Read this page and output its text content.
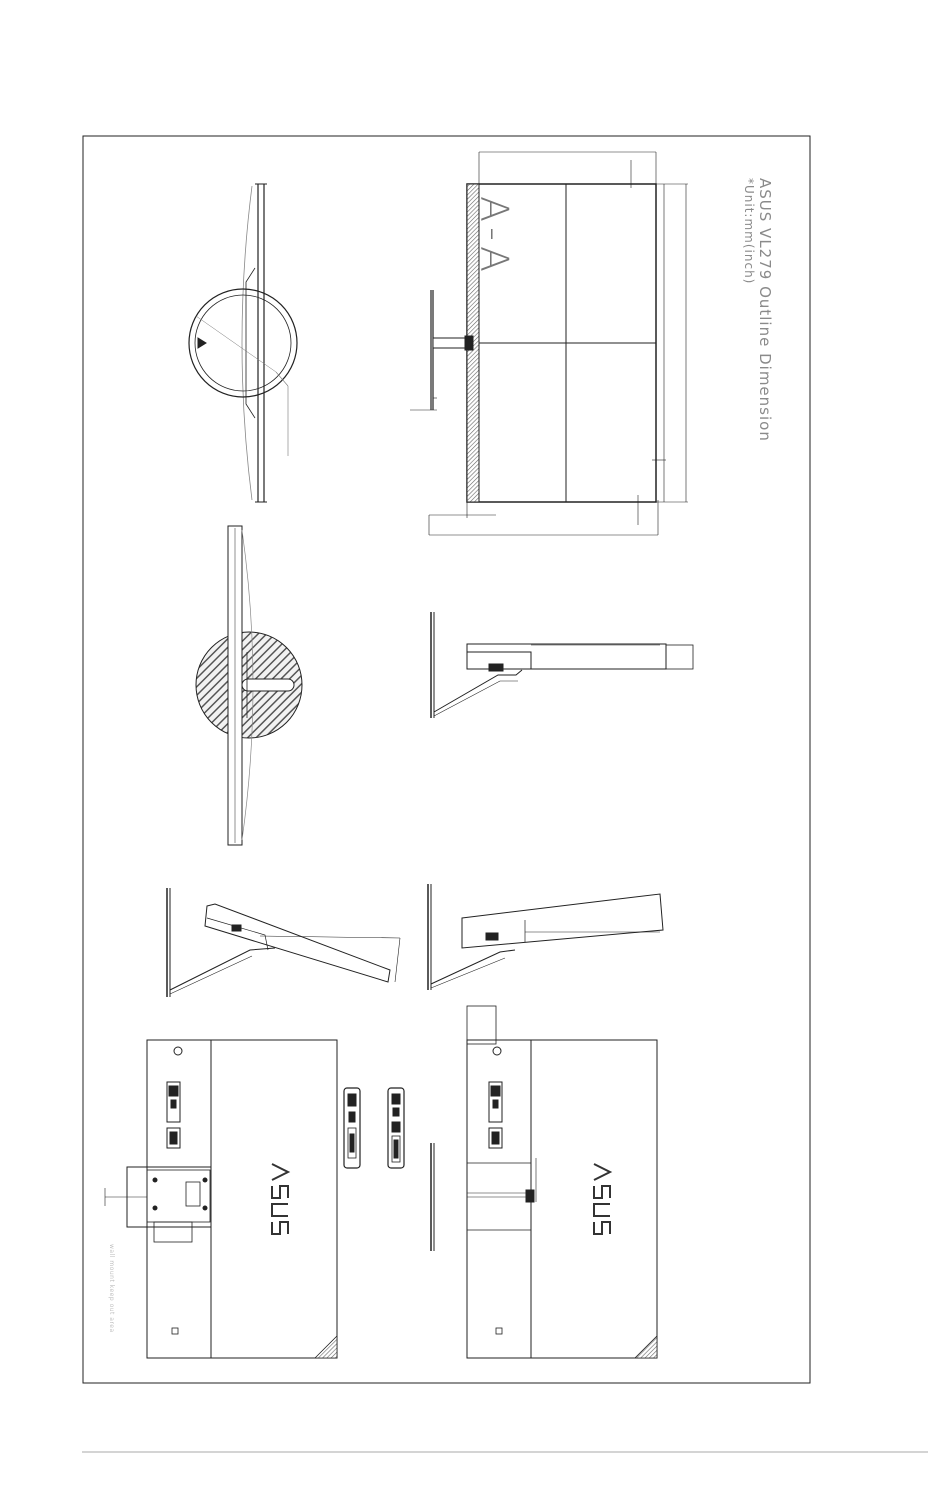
ASUS VL279 Outline Dimension
*Unit:mm(inch)
A-A
wall mount keep out area
